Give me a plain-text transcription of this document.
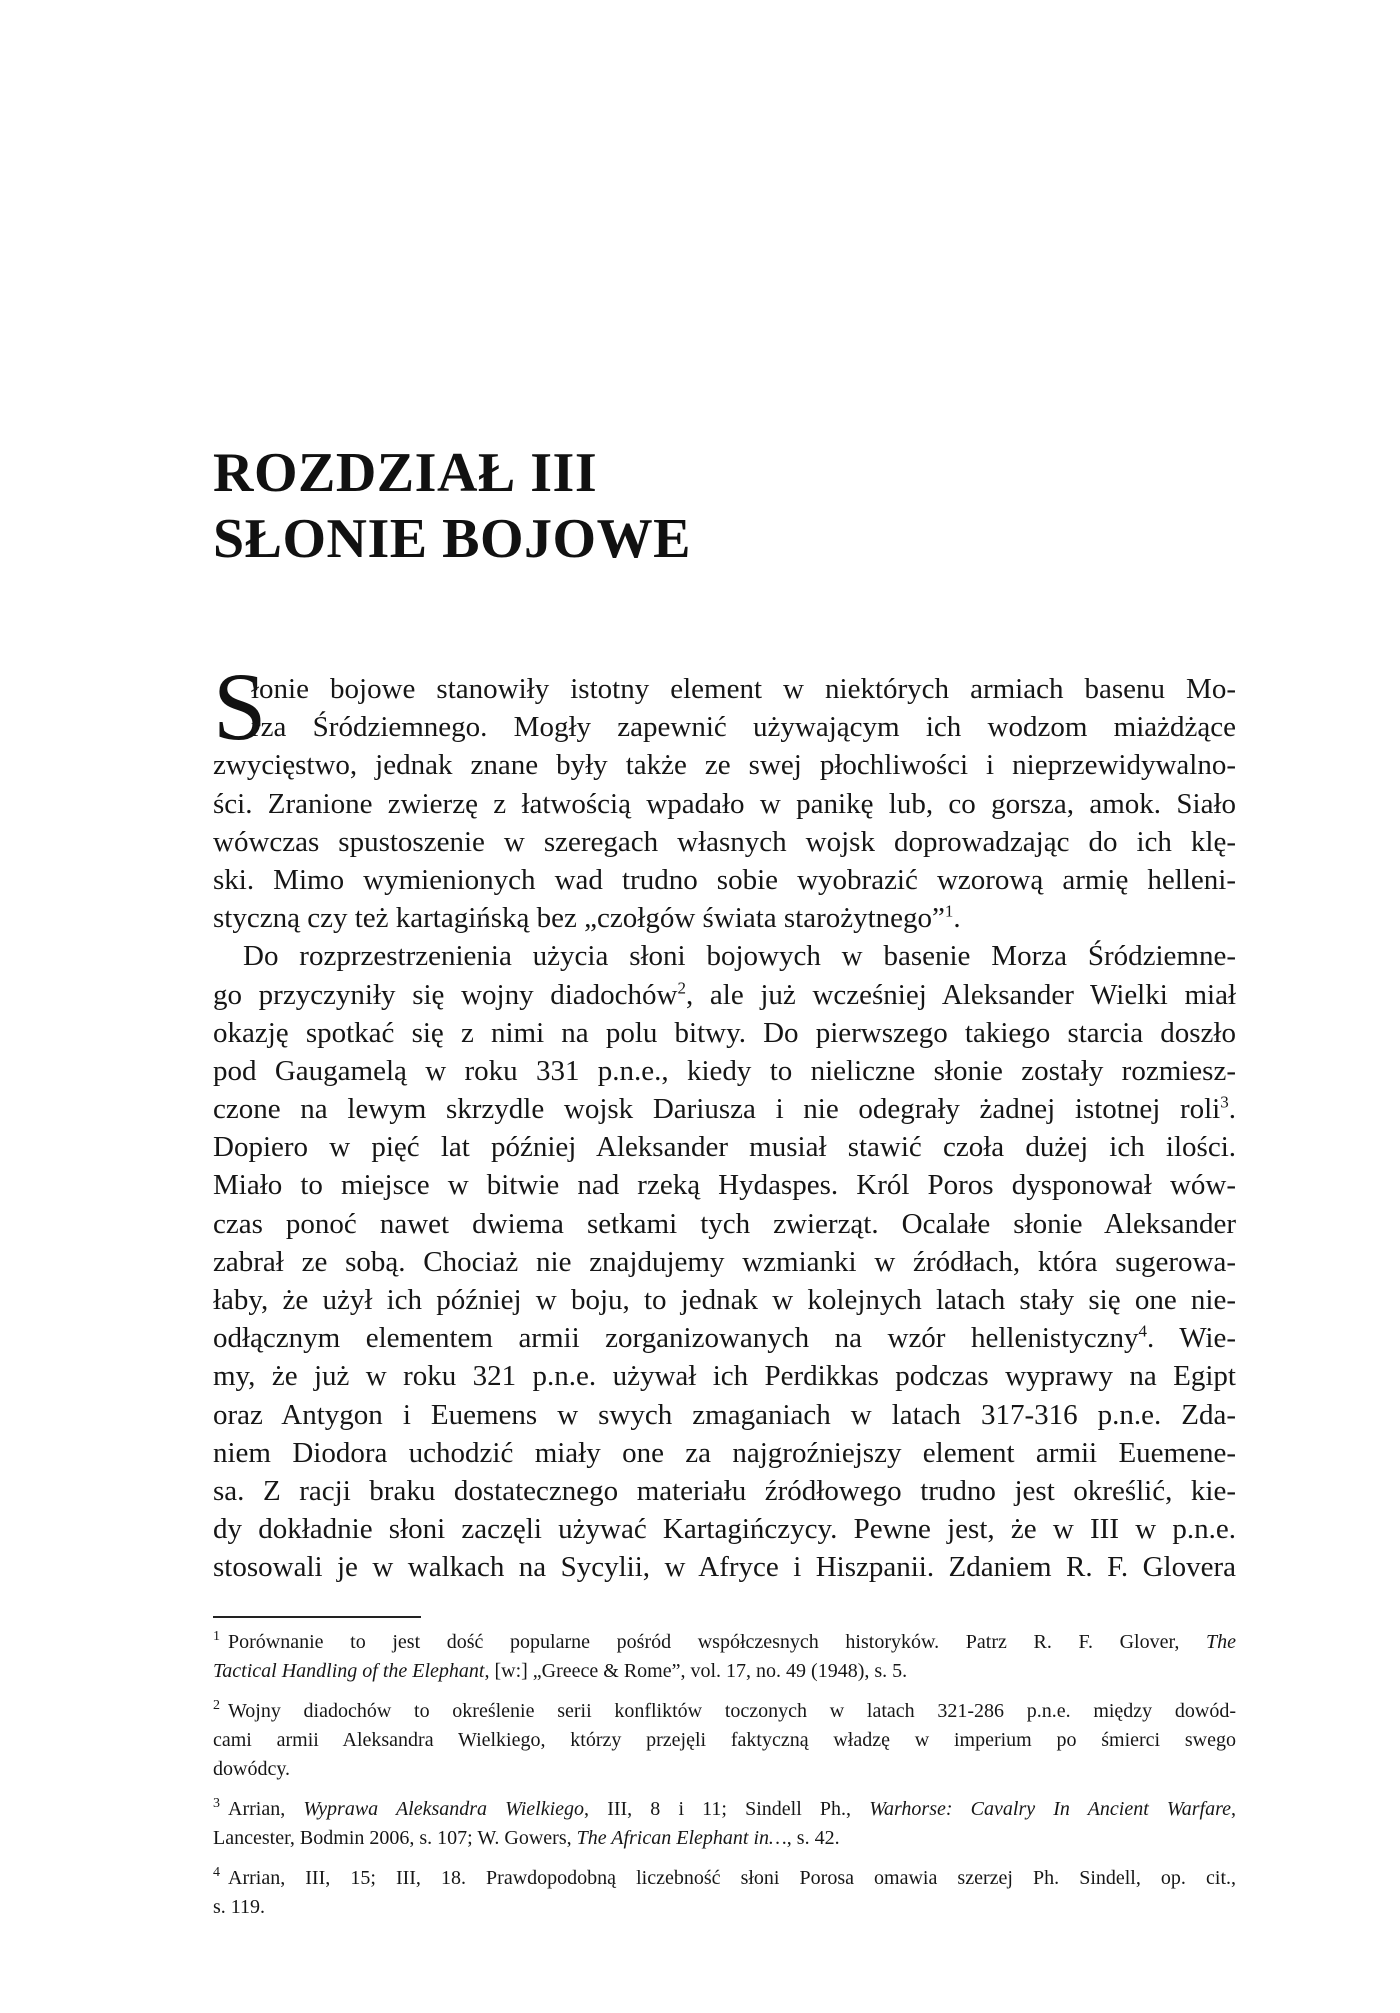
ROZDZIAŁ III
SŁONIE BOJOWE
S
łonie bojowe stanowiły istotny element w niektórych armiach basenu Mo-
rza Śródziemnego. Mogły zapewnić używającym ich wodzom miażdżące
zwycięstwo, jednak znane były także ze swej płochliwości i nieprzewidywalno-
ści. Zranione zwierzę z łatwością wpadało w panikę lub, co gorsza, amok. Siało
wówczas spustoszenie w szeregach własnych wojsk doprowadzając do ich klę-
ski. Mimo wymienionych wad trudno sobie wyobrazić wzorową armię helleni-
styczną czy też kartagińską bez „czołgów świata starożytnego”$^1$.
Do rozprzestrzenienia użycia słoni bojowych w basenie Morza Śródziemne-
go przyczyniły się wojny diadochów$^2$, ale już wcześniej Aleksander Wielki miał
okazję spotkać się z nimi na polu bitwy. Do pierwszego takiego starcia doszło
pod Gaugamelą w roku 331 p.n.e., kiedy to nieliczne słonie zostały rozmiesz-
czone na lewym skrzydle wojsk Dariusza i nie odegrały żadnej istotnej roli$^3$.
Dopiero w pięć lat później Aleksander musiał stawić czoła dużej ich ilości.
Miało to miejsce w bitwie nad rzeką Hydaspes. Król Poros dysponował wów-
czas ponoć nawet dwiema setkami tych zwierząt. Ocalałe słonie Aleksander
zabrał ze sobą. Chociaż nie znajdujemy wzmianki w źródłach, która sugerowa-
łaby, że użył ich później w boju, to jednak w kolejnych latach stały się one nie-
odłącznym elementem armii zorganizowanych na wzór hellenistyczny$^4$. Wie-
my, że już w roku 321 p.n.e. używał ich Perdikkas podczas wyprawy na Egipt
oraz Antygon i Euemens w swych zmaganiach w latach 317-316 p.n.e. Zda-
niem Diodora uchodzić miały one za najgroźniejszy element armii Euemene-
sa. Z racji braku dostatecznego materiału źródłowego trudno jest określić, kie-
dy dokładnie słoni zaczęli używać Kartagińczycy. Pewne jest, że w III w p.n.e.
stosowali je w walkach na Sycylii, w Afryce i Hiszpanii. Zdaniem R. F. Glovera
$^1$ Porównanie to jest dość popularne pośród współczesnych historyków. Patrz R. F. Glover, The
Tactical Handling of the Elephant, [w:] „Greece & Rome”, vol. 17, no. 49 (1948), s. 5.
$^2$ Wojny diadochów to określenie serii konfliktów toczonych w latach 321-286 p.n.e. między dowód-
cami armii Aleksandra Wielkiego, którzy przejęli faktyczną władzę w imperium po śmierci swego
dowódcy.
$^3$ Arrian, Wyprawa Aleksandra Wielkiego, III, 8 i 11; Sindell Ph., Warhorse: Cavalry In Ancient Warfare,
Lancester, Bodmin 2006, s. 107; W. Gowers, The African Elephant in…, s. 42.
$^4$ Arrian, III, 15; III, 18. Prawdopodobną liczebność słoni Porosa omawia szerzej Ph. Sindell, op. cit.,
s. 119.
